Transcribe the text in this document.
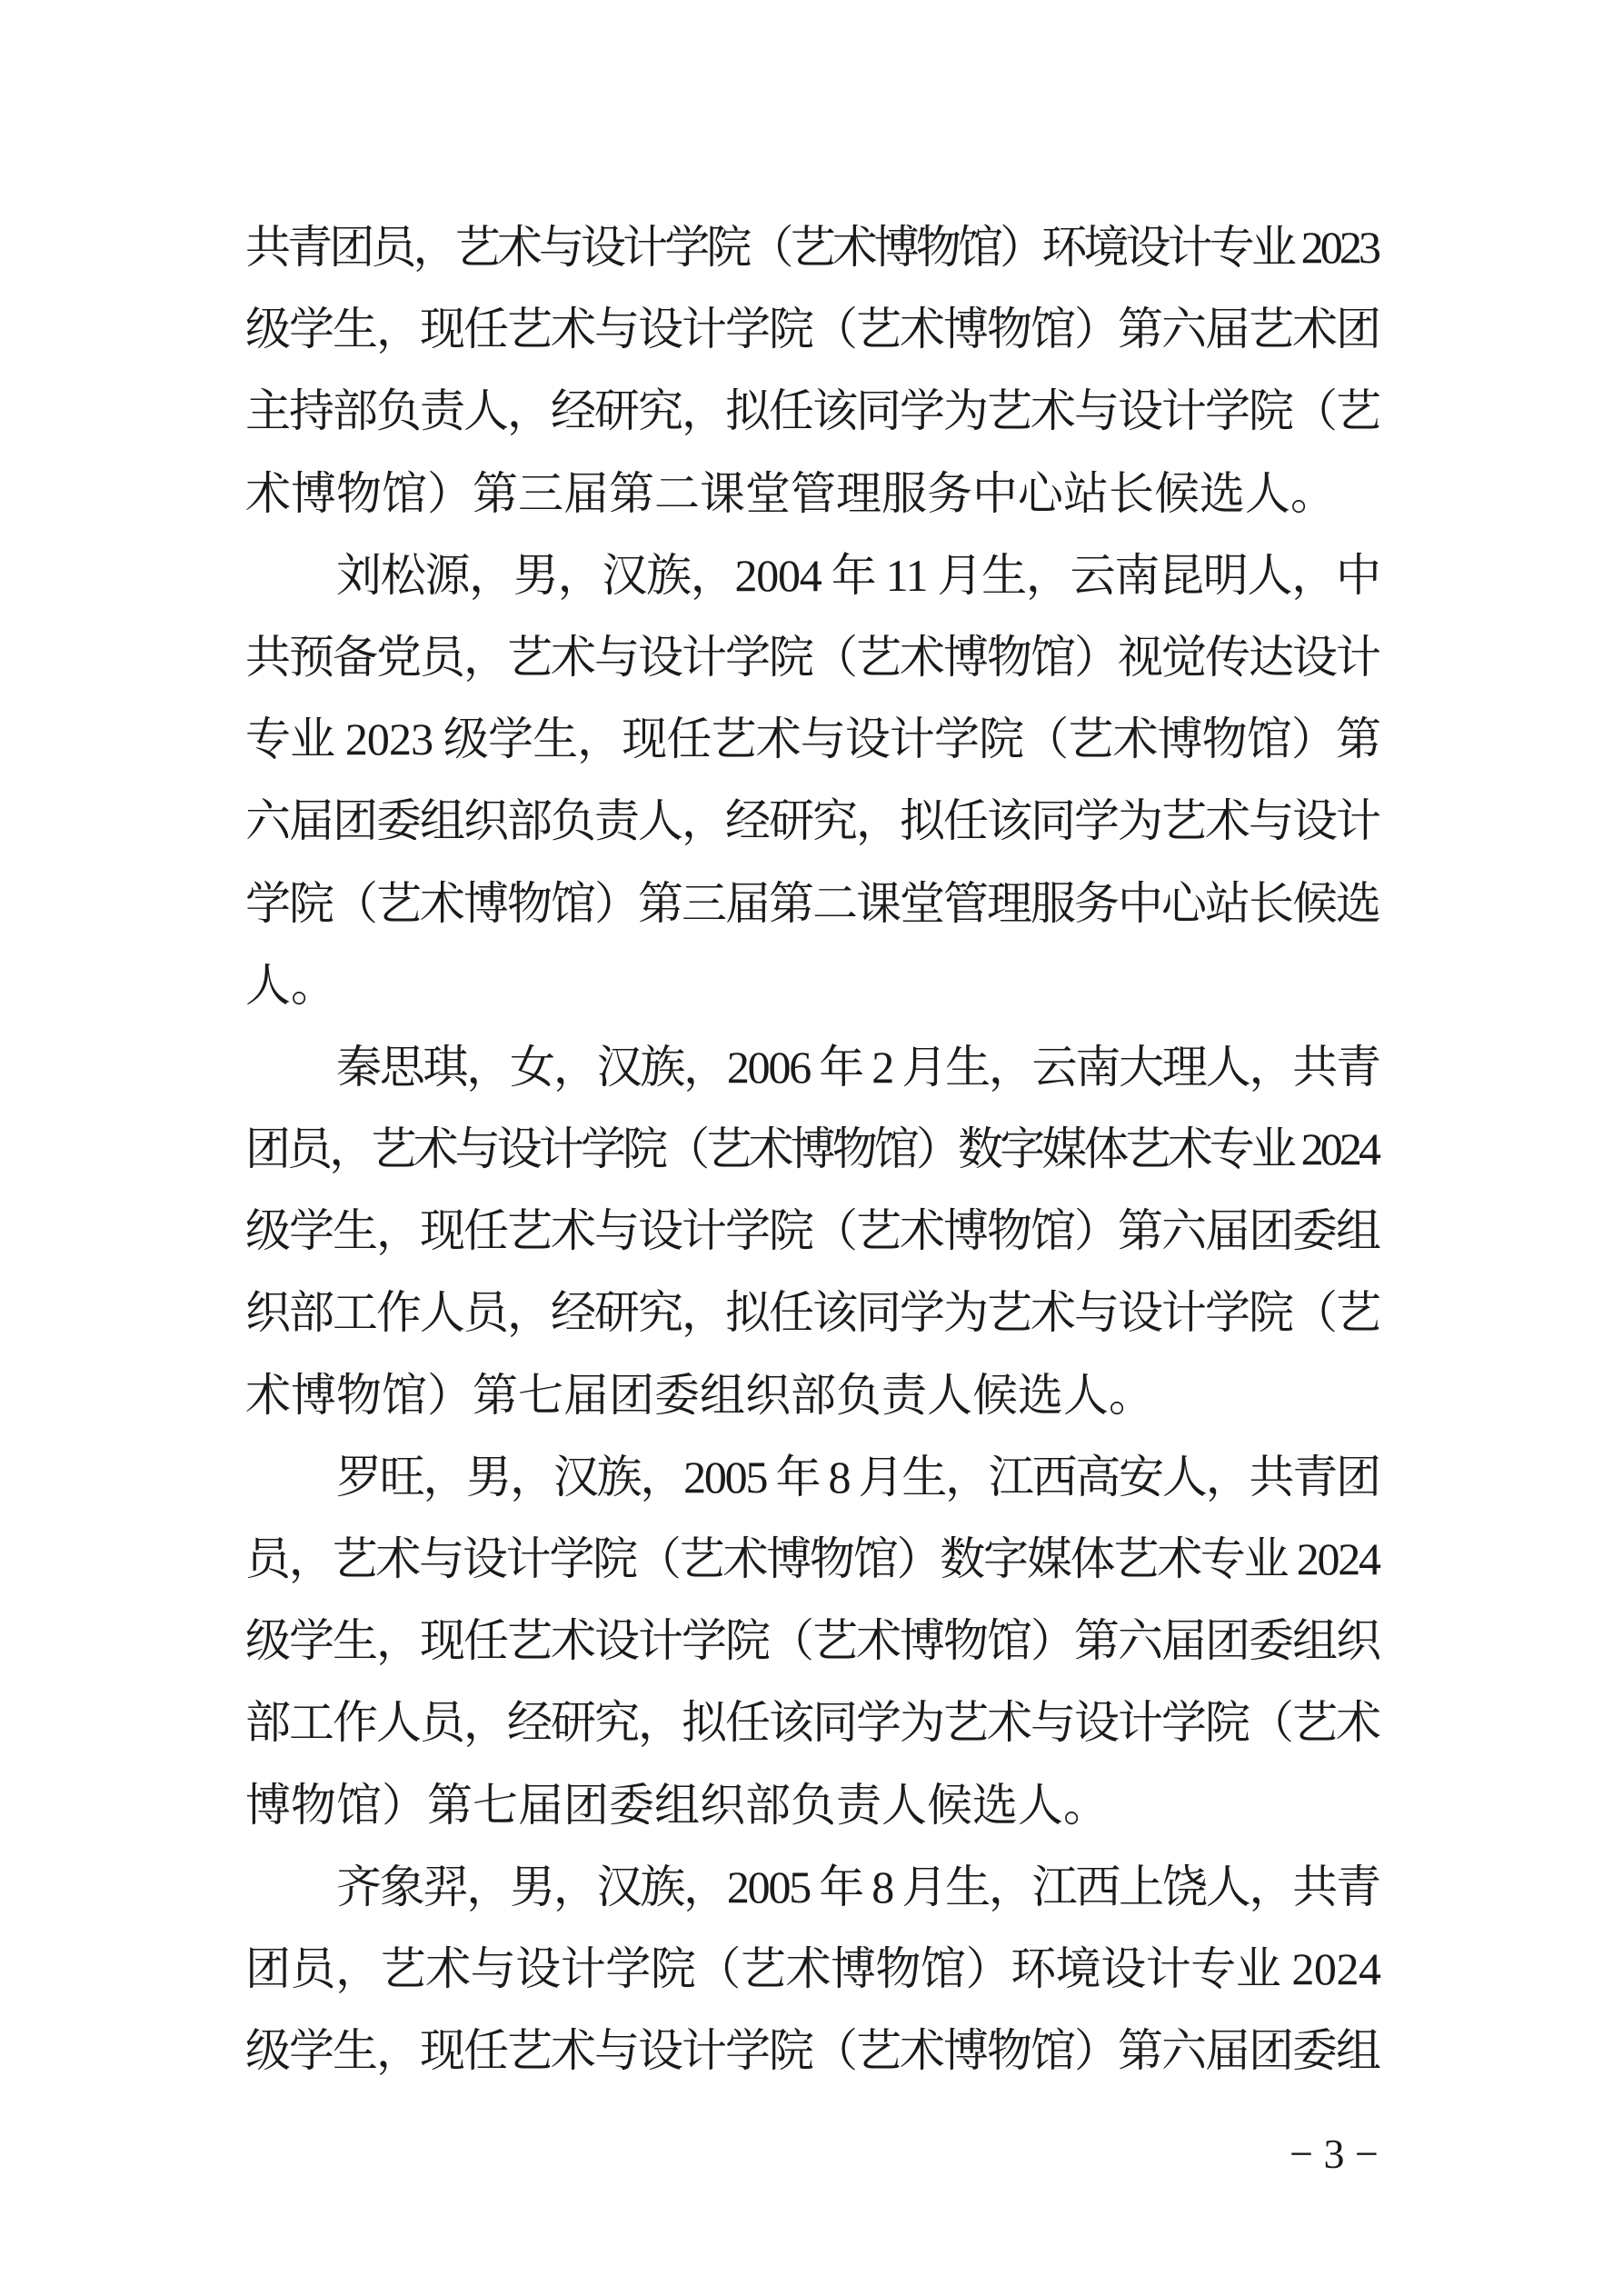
共青团员，艺术与设计学院（艺术博物馆）环境设计专业 2023
级学生，现任艺术与设计学院（艺术博物馆）第六届艺术团
主持部负责人，经研究，拟任该同学为艺术与设计学院（艺
术博物馆）第三届第二课堂管理服务中心站长候选人。
刘松源，男，汉族，2004 年 11 月生，云南昆明人，中
共预备党员，艺术与设计学院（艺术博物馆）视觉传达设计
专业 2023 级学生，现任艺术与设计学院（艺术博物馆）第
六届团委组织部负责人，经研究，拟任该同学为艺术与设计
学院（艺术博物馆）第三届第二课堂管理服务中心站长候选
人。
秦思琪，女，汉族，2006 年 2 月生，云南大理人，共青
团员，艺术与设计学院（艺术博物馆）数字媒体艺术专业 2024
级学生，现任艺术与设计学院（艺术博物馆）第六届团委组
织部工作人员，经研究，拟任该同学为艺术与设计学院（艺
术博物馆）第七届团委组织部负责人候选人。
罗旺，男，汉族，2005 年 8 月生，江西高安人，共青团
员，艺术与设计学院（艺术博物馆）数字媒体艺术专业 2024
级学生，现任艺术设计学院（艺术博物馆）第六届团委组织
部工作人员，经研究，拟任该同学为艺术与设计学院（艺术
博物馆）第七届团委组织部负责人候选人。
齐象羿，男，汉族，2005 年 8 月生，江西上饶人，共青
团员，艺术与设计学院（艺术博物馆）环境设计专业 2024
级学生，现任艺术与设计学院（艺术博物馆）第六届团委组
− 3 −
